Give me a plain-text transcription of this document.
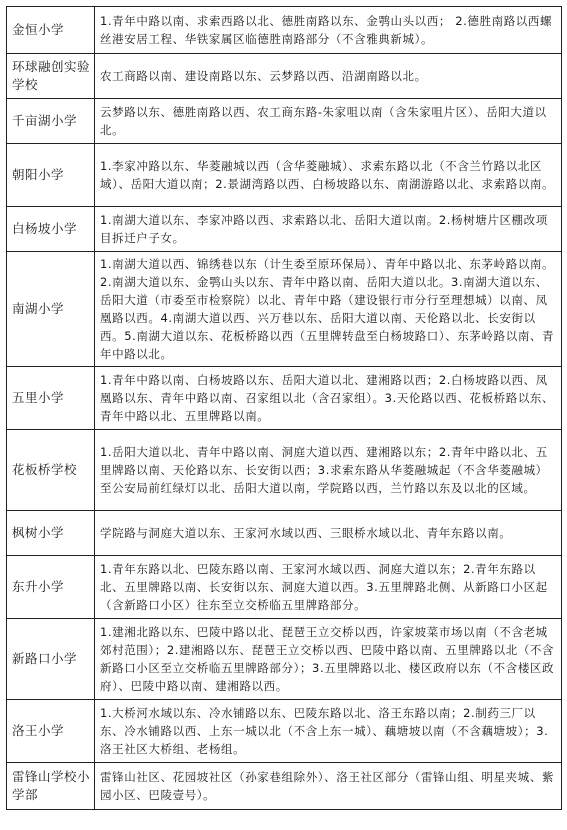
金恒小学	1.青年中路以南、求索西路以北、德胜南路以东、金鹗山头以西； 2.德胜南路以西螺丝港安居工程、华铁家属区临德胜南路部分（不含雅典新城）。
环球融创实验学校	农工商路以南、建设南路以东、云梦路以西、沿湖南路以北。
千亩湖小学	云梦路以东、德胜南路以西、农工商东路-朱家咀以南（含朱家咀片区）、岳阳大道以北。
朝阳小学	1.李家冲路以东、华菱融城以西（含华菱融城）、求索东路以北（不含兰竹路以北区域）、岳阳大道以南；2.景湖湾路以西、白杨坡路以东、南湖游路以北、求索路以南。
白杨坡小学	1.南湖大道以东、李家冲路以西、求索路以北、岳阳大道以南。2.杨树塘片区棚改项目拆迁户子女。
南湖小学	1.南湖大道以西、锦绣巷以东（计生委至原环保局）、青年中路以北、东茅岭路以南。2.南湖大道以东、金鹗山头以东、青年中路以南、岳阳大道以北。3.南湖大道以东、岳阳大道（市委至市检察院）以北、青年中路（建设银行市分行至理想城）以南、凤凰路以西。4.南湖大道以西、兴万巷以东、岳阳大道以南、天伦路以北、长安街以西。5.南湖大道以东、花板桥路以西（五里牌转盘至白杨坡路口）、东茅岭路以南、青年中路以北。
五里小学	1.青年中路以南、白杨坡路以东、岳阳大道以北、建湘路以西；2.白杨坡路以西、凤凰路以东、青年中路以南、召家组以北（含召家组）。3.天伦路以西、花板桥路以东、青年中路以北、五里牌路以南。
花板桥学校	1.岳阳大道以北、青年中路以南、洞庭大道以西、建湘路以东；2.青年中路以北、五里牌路以南、天伦路以东、长安街以西；3.求索东路从华菱融城起（不含华菱融城）至公安局前红绿灯以北、岳阳大道以南，学院路以西，兰竹路以东及以北的区域。
枫树小学	学院路与洞庭大道以东、王家河水域以西、三眼桥水域以北、青年东路以南。
东升小学	1.青年东路以北、巴陵东路以南、王家河水域以西、洞庭大道以东；2.青年东路以北、五里牌路以南、长安街以东、洞庭大道以西。3.五里牌路北侧、从新路口小区起（含新路口小区）往东至立交桥临五里牌路部分。
新路口小学	1.建湘北路以东、巴陵中路以北、琵琶王立交桥以西，许家坡菜市场以南（不含老城郊村范围）；2.建湘路以东、琵琶王立交桥以西、巴陵中路以南、五里牌路以北（不含新路口小区至立交桥临五里牌路部分）；3.五里牌路以北、楼区政府以东（不含楼区政府）、巴陵中路以南、建湘路以西。
洛王小学	1.大桥河水域以东、冷水铺路以东、巴陵东路以北、洛王东路以南；2.制药三厂以东、冷水铺路以西、上东一城以北（不含上东一城）、藕塘坡以南（不含藕塘坡）；3.洛王社区大桥组、老杨组。
雷锋山学校小学部	雷锋山社区、花园坡社区（孙家巷组除外）、洛王社区部分（雷锋山组、明星夹城、紫园小区、巴陵壹号）。
